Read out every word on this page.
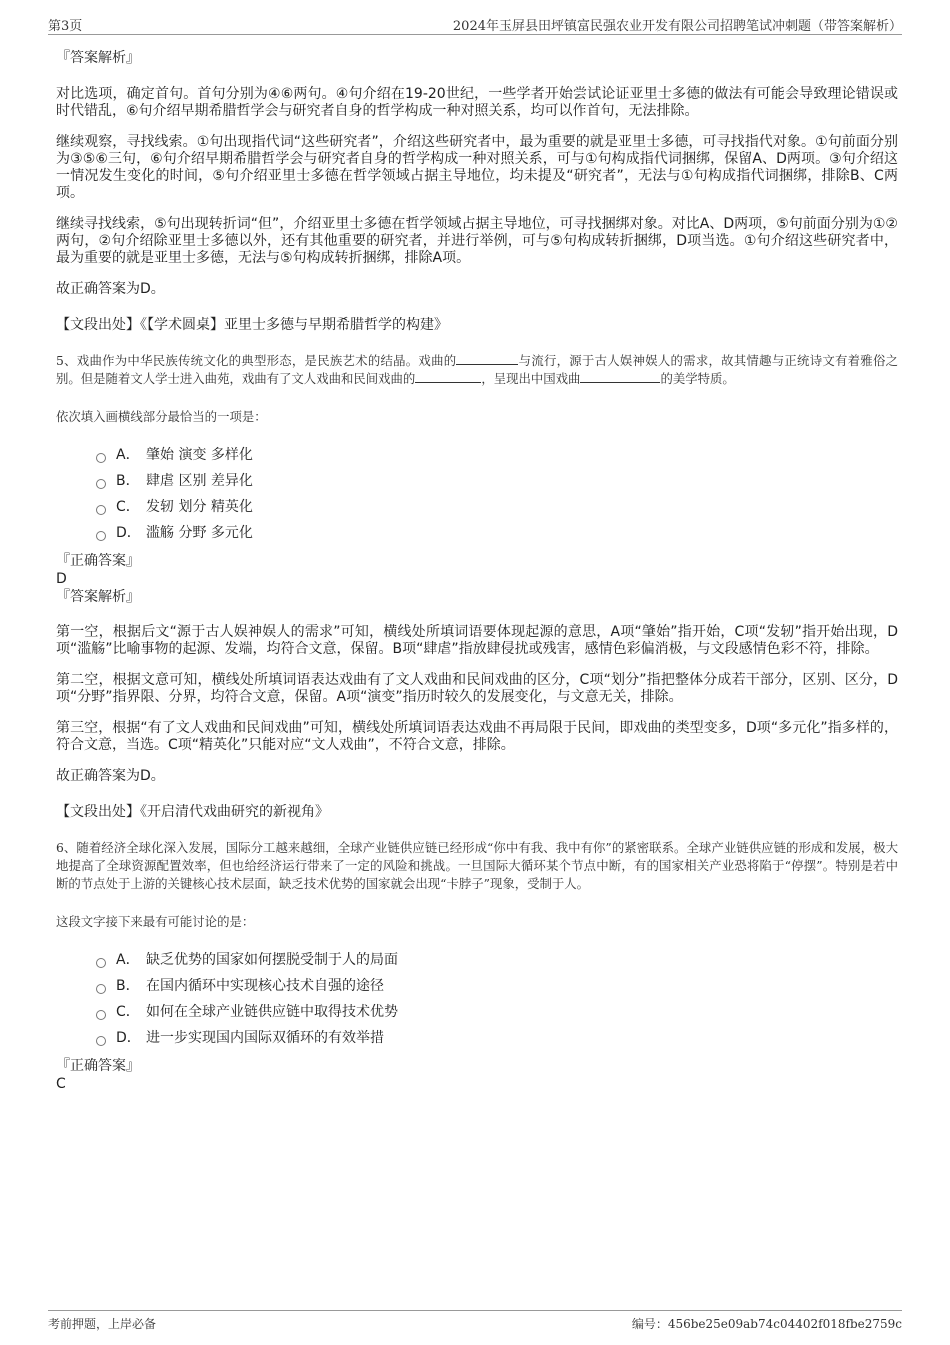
第3页	2024年玉屏县田坪镇富民强农业开发有限公司招聘笔试冲刺题（带答案解析）

『答案解析』

对比选项，确定首句。首句分别为④⑥两句。④句介绍在19-20世纪，一些学者开始尝试论证亚里士多德的做法有可能会导致理论错误或时代错乱，⑥句介绍早期希腊哲学会与研究者自身的哲学构成一种对照关系，均可以作首句，无法排除。

继续观察，寻找线索。①句出现指代词“这些研究者”，介绍这些研究者中，最为重要的就是亚里士多德，可寻找指代对象。①句前面分别为③⑤⑥三句，⑥句介绍早期希腊哲学会与研究者自身的哲学构成一种对照关系，可与①句构成指代词捆绑，保留A、D两项。③句介绍这一情况发生变化的时间，⑤句介绍亚里士多德在哲学领域占据主导地位，均未提及“研究者”，无法与①句构成指代词捆绑，排除B、C两项。

继续寻找线索，⑤句出现转折词“但”，介绍亚里士多德在哲学领域占据主导地位，可寻找捆绑对象。对比A、D两项，⑤句前面分别为①②两句，②句介绍除亚里士多德以外，还有其他重要的研究者，并进行举例，可与⑤句构成转折捆绑，D项当选。①句介绍这些研究者中，最为重要的就是亚里士多德，无法与⑤句构成转折捆绑，排除A项。

故正确答案为D。

【文段出处】《【学术圆桌】亚里士多德与早期希腊哲学的构建》

5、戏曲作为中华民族传统文化的典型形态，是民族艺术的结晶。戏曲的	与流行，源于古人娱神娱人的需求，故其情趣与正统诗文有着雅俗之别。但是随着文人学士进入曲苑，戏曲有了文人戏曲和民间戏曲的	，呈现出中国戏曲	的美学特质。

依次填入画横线部分最恰当的一项是：

A． 肇始 演变 多样化
B． 肆虐 区别 差异化
C． 发轫 划分 精英化
D． 滥觞 分野 多元化

『正确答案』

D

『答案解析』

第一空，根据后文“源于古人娱神娱人的需求”可知，横线处所填词语要体现起源的意思，A项“肇始”指开始，C项“发轫”指开始出现，D项“滥觞”比喻事物的起源、发端，均符合文意，保留。B项“肆虐”指放肆侵扰或残害，感情色彩偏消极，与文段感情色彩不符，排除。

第二空，根据文意可知，横线处所填词语表达戏曲有了文人戏曲和民间戏曲的区分，C项“划分”指把整体分成若干部分，区别、区分，D项“分野”指界限、分界，均符合文意，保留。A项“演变”指历时较久的发展变化，与文意无关，排除。

第三空，根据“有了文人戏曲和民间戏曲”可知，横线处所填词语表达戏曲不再局限于民间，即戏曲的类型变多，D项“多元化”指多样的，符合文意，当选。C项“精英化”只能对应“文人戏曲”，不符合文意，排除。

故正确答案为D。

【文段出处】《开启清代戏曲研究的新视角》

6、随着经济全球化深入发展，国际分工越来越细，全球产业链供应链已经形成“你中有我、我中有你”的紧密联系。全球产业链供应链的形成和发展，极大地提高了全球资源配置效率，但也给经济运行带来了一定的风险和挑战。一旦国际大循环某个节点中断，有的国家相关产业恐将陷于“停摆”。特别是若中断的节点处于上游的关键核心技术层面，缺乏技术优势的国家就会出现“卡脖子”现象，受制于人。

这段文字接下来最有可能讨论的是：

A． 缺乏优势的国家如何摆脱受制于人的局面
B． 在国内循环中实现核心技术自强的途径
C． 如何在全球产业链供应链中取得技术优势
D． 进一步实现国内国际双循环的有效举措

『正确答案』

C

考前押题，上岸必备	编号：456be25e09ab74c04402f018fbe2759c
